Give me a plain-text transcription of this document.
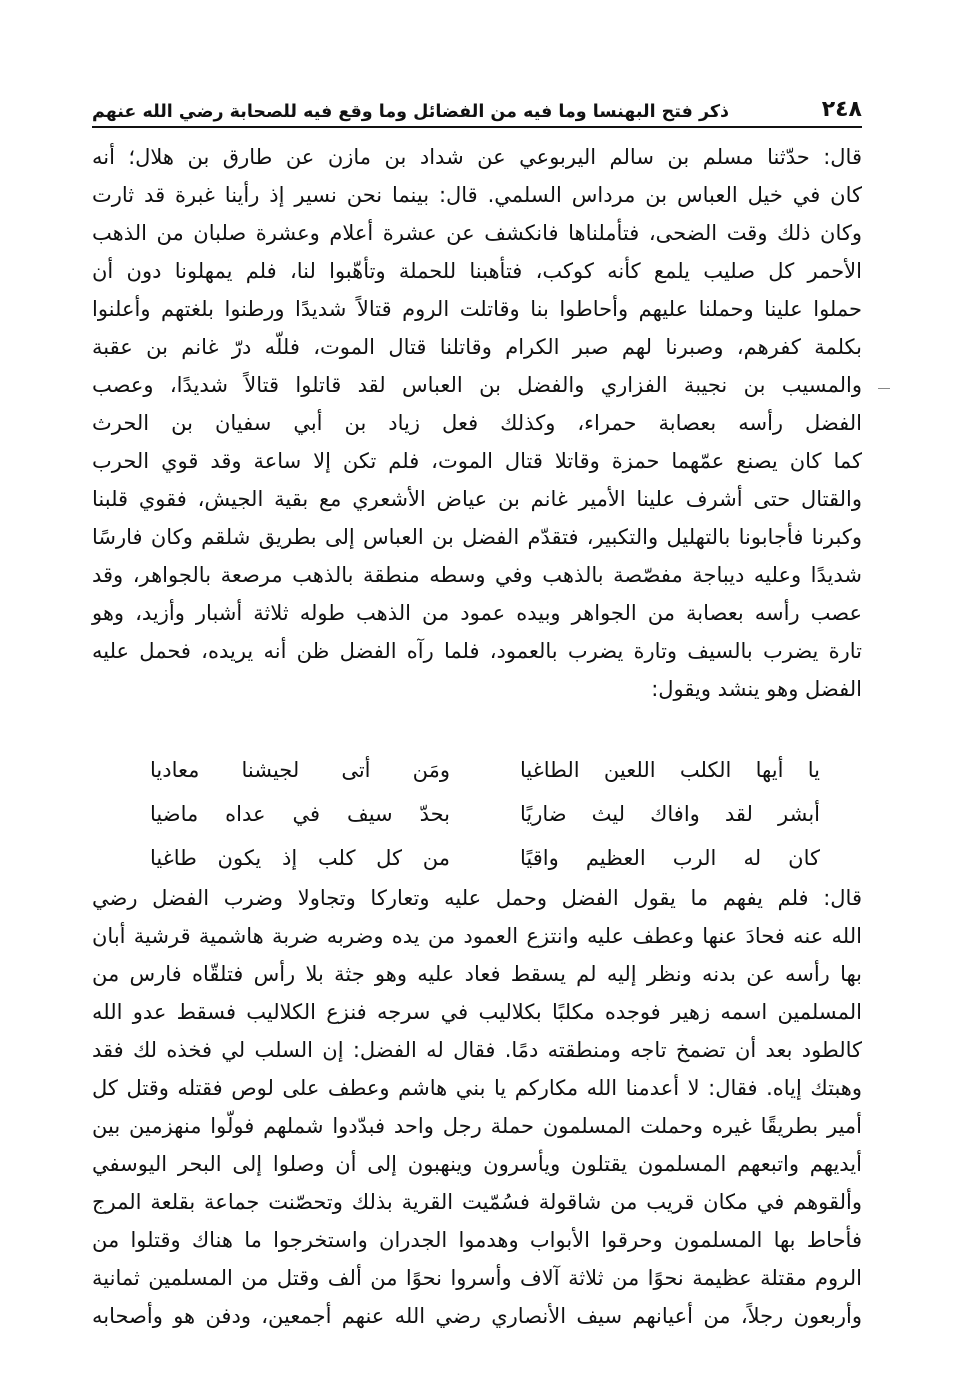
٢٤٨
ذكر فتح البهنسا وما فيه من الفضائل وما وقع فيه للصحابة رضي الله عنهم
قال: حدّثنا مسلم بن سالم اليربوعي عن شداد بن مازن عن طارق بن هلال؛ أنه
كان في خيل العباس بن مرداس السلمي. قال: بينما نحن نسير إذ رأينا غبرة قد ثارت
وكان ذلك وقت الضحى، فتأملناها فانكشف عن عشرة أعلام وعشرة صلبان من الذهب
الأحمر كل صليب يلمع كأنه كوكب، فتأهبنا للحملة وتأهّبوا لنا، فلم يمهلونا دون أن
حملوا علينا وحملنا عليهم وأحاطوا بنا وقاتلت الروم قتالاً شديدًا ورطنوا بلغتهم وأعلنوا
بكلمة كفرهم، وصبرنا لهم صبر الكرام وقاتلنا قتال الموت، فللّه درّ غانم بن عقبة
والمسيب بن نجيبة الفزاري والفضل بن العباس لقد قاتلوا قتالاً شديدًا، وعصب
الفضل رأسه بعصابة حمراء، وكذلك فعل زياد بن أبي سفيان بن الحرث
كما كان يصنع عمّهما حمزة وقاتلا قتال الموت، فلم تكن إلا ساعة وقد قوي الحرب
والقتال حتى أشرف علينا الأمير غانم بن عياض الأشعري مع بقية الجيش، فقوي قلبنا
وكبرنا فأجابونا بالتهليل والتكبير، فتقدّم الفضل بن العباس إلى بطريق شلقم وكان فارسًا
شديدًا وعليه ديباجة مفصّصة بالذهب وفي وسطه منطقة بالذهب مرصعة بالجواهر، وقد
عصب رأسه بعصابة من الجواهر وبيده عمود من الذهب طوله ثلاثة أشبار وأزيد، وهو
تارة يضرب بالسيف وتارة يضرب بالعمود، فلما رآه الفضل ظن أنه يريده، فحمل عليه
الفضل وهو ينشد ويقول:
يا أيها الكلب اللعين الطاغيا
ومَن أتى لجيشنا معاديا
أبشر لقد وافاك ليث ضاريًا
بحدّ سيف في عداه ماضيا
كان له الرب العظيم واقيًا
من كل كلب إذ يكون طاغيا
قال: فلم يفهم ما يقول الفضل وحمل عليه وتعاركا وتجاولا وضرب الفضل رضي
الله عنه فحادَ عنها وعطف عليه وانتزع العمود من يده وضربه ضربة هاشمية قرشية أبان
بها رأسه عن بدنه ونظر إليه لم يسقط فعاد عليه وهو جثة بلا رأس فتلقّاه فارس من
المسلمين اسمه زهير فوجده مكلبًا بكلاليب في سرجه فنزع الكلاليب فسقط عدو الله
كالطود بعد أن تضمخ تاجه ومنطقته دمًا. فقال له الفضل: إن السلب لي فخذه لك فقد
وهبتك إياه. فقال: لا أعدمنا الله مكاركم يا بني هاشم وعطف على لوص فقتله وقتل كل
أمير بطريقًا غيره وحملت المسلمون حملة رجل واحد فبدّدوا شملهم فولّوا منهزمين بين
أيديهم واتبعهم المسلمون يقتلون ويأسرون وينهبون إلى أن وصلوا إلى البحر اليوسفي
وألقوهم في مكان قريب من شاقولة فسُمّيت القرية بذلك وتحصّنت جماعة بقلعة المرج
فأحاط بها المسلمون وحرقوا الأبواب وهدموا الجدران واستخرجوا ما هناك وقتلوا من
الروم مقتلة عظيمة نحوًا من ثلاثة آلاف وأسروا نحوًا من ألف وقتل من المسلمين ثمانية
وأربعون رجلاً، من أعيانهم سيف الأنصاري رضي الله عنهم أجمعين، ودفن هو وأصحابه
